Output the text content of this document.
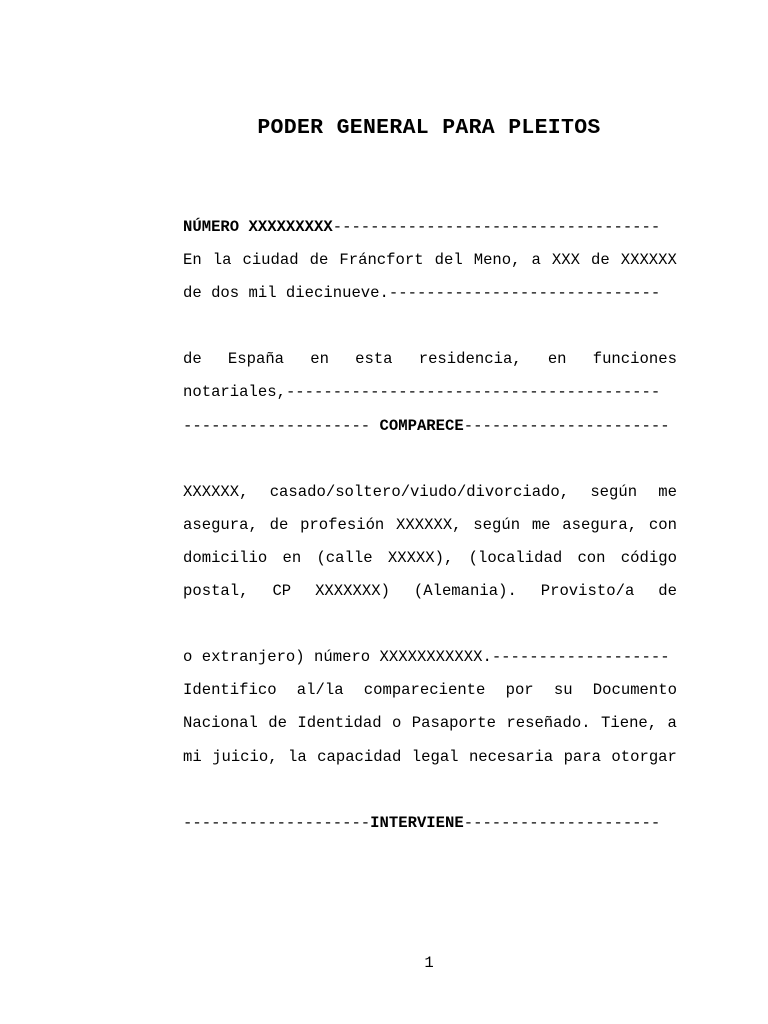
PODER GENERAL PARA PLEITOS
NÚMERO XXXXXXXXX -----------------------------------
En la ciudad de Fráncfort del Meno, a XXX de XXXXXX
de dos mil diecinueve. -----------------------------

de España en esta residencia, en funciones
notariales, ----------------------------------------
-------------------- COMPARECE ----------------------

XXXXXX, casado/soltero/viudo/divorciado, según me
asegura, de profesión XXXXXX, según me asegura, con
domicilio en (calle XXXXX), (localidad con código
postal, CP XXXXXXX) (Alemania). Provisto/a de

o extranjero) número XXXXXXXXXXX. -------------------
Identifico al/la compareciente por su Documento
Nacional de Identidad o Pasaporte reseñado. Tiene, a
mi juicio, la capacidad legal necesaria para otorgar

-------------------- INTERVIENE ---------------------
1
